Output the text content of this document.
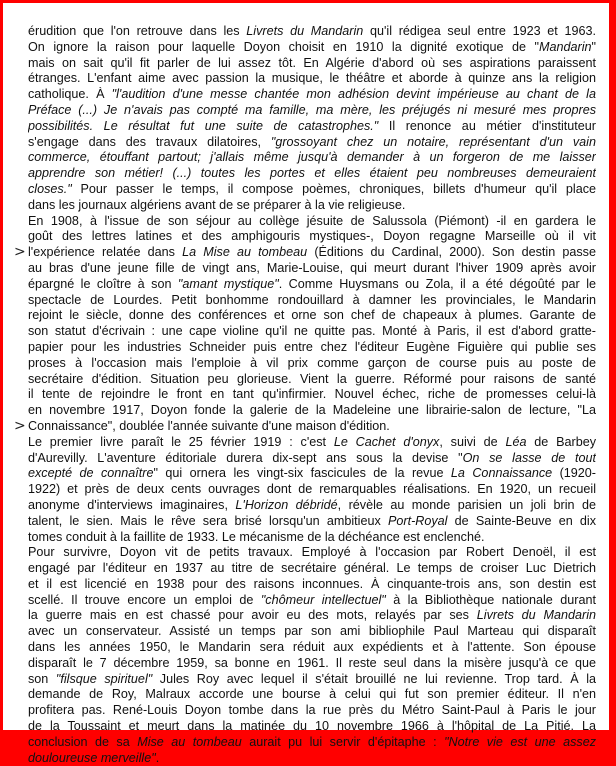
érudition que l'on retrouve dans les Livrets du Mandarin qu'il rédigea seul entre 1923 et 1963.
On ignore la raison pour laquelle Doyon choisit en 1910 la dignité exotique de "Mandarin"
mais on sait qu'il fit parler de lui assez tôt. En Algérie d'abord où ses aspirations paraissent
étranges. L'enfant aime avec passion la musique, le théâtre et aborde à quinze ans la religion
catholique. À "l'audition d'une messe chantée mon adhésion devint impérieuse au chant de la
Préface (...) Je n'avais pas compté ma famille, ma mère, les préjugés ni mesuré mes propres
possibilités. Le résultat fut une suite de catastrophes." Il renonce au métier d'instituteur
s'engage dans des travaux dilatoires, "grossoyant chez un notaire, représentant d'un vain
commerce, étouffant partout; j'allais même jusqu'à demander à un forgeron de me laisser
apprendre son métier! (...) toutes les portes et elles étaient peu nombreuses demeuraient
closes." Pour passer le temps, il compose poèmes, chroniques, billets d'humeur qu'il place
dans les journaux algériens avant de se préparer à la vie religieuse.
En 1908, à l'issue de son séjour au collège jésuite de Salussola (Piémont) -il en gardera le
goût des lettres latines et des amphigouris mystiques-, Doyon regagne Marseille où il vit
l'expérience relatée dans La Mise au tombeau (Éditions du Cardinal, 2000). Son destin passe
au bras d'une jeune fille de vingt ans, Marie-Louise, qui meurt durant l'hiver 1909 après avoir
épargné le cloître à son "amant mystique". Comme Huysmans ou Zola, il a été dégoûté par le
spectacle de Lourdes. Petit bonhomme rondouillard à damner les provinciales, le Mandarin
rejoint le siècle, donne des conférences et orne son chef de chapeaux à plumes. Garante de
son statut d'écrivain : une cape violine qu'il ne quitte pas. Monté à Paris, il est d'abord gratte-
papier pour les industries Schneider puis entre chez l'éditeur Eugène Figuière qui publie ses
proses à l'occasion mais l'emploie à vil prix comme garçon de course puis au poste de
secrétaire d'édition. Situation peu glorieuse. Vient la guerre. Réformé pour raisons de santé
il tente de rejoindre le front en tant qu'infirmier. Nouvel échec, riche de promesses celui-là
en novembre 1917, Doyon fonde la galerie de la Madeleine une librairie-salon de lecture, "La
Connaissance", doublée l'année suivante d'une maison d'édition.
Le premier livre paraît le 25 février 1919 : c'est Le Cachet d'onyx, suivi de Léa de Barbey
d'Aurevilly. L'aventure éditoriale durera dix-sept ans sous la devise "On se lasse de tout
excepté de connaître" qui ornera les vingt-six fascicules de la revue La Connaissance (1920-
1922) et près de deux cents ouvrages dont de remarquables réalisations. En 1920, un recueil
anonyme d'interviews imaginaires, L'Horizon débridé, révèle au monde parisien un joli brin de
talent, le sien. Mais le rêve sera brisé lorsqu'un ambitieux Port-Royal de Sainte-Beuve en dix
tomes conduit à la faillite de 1933. Le mécanisme de la déchéance est enclenché.
Pour survivre, Doyon vit de petits travaux. Employé à l'occasion par Robert Denoël, il est
engagé par l'éditeur en 1937 au titre de secrétaire général. Le temps de croiser Luc Dietrich
et il est licencié en 1938 pour des raisons inconnues. À cinquante-trois ans, son destin est
scellé. Il trouve encore un emploi de "chômeur intellectuel" à la Bibliothèque nationale durant
la guerre mais en est chassé pour avoir eu des mots, relayés par ses Livrets du Mandarin
avec un conservateur. Assisté un temps par son ami bibliophile Paul Marteau qui disparaît
dans les années 1950, le Mandarin sera réduit aux expédients et à l'attente. Son épouse
disparaît le 7 décembre 1959, sa bonne en 1961. Il reste seul dans la misère jusqu'à ce que
son "filsque spirituel" Jules Roy avec lequel il s'était brouillé ne lui revienne. Trop tard. À la
demande de Roy, Malraux accorde une bourse à celui qui fut son premier éditeur. Il n'en
profitera pas. René-Louis Doyon tombe dans la rue près du Métro Saint-Paul à Paris le jour
de la Toussaint et meurt dans la matinée du 10 novembre 1966 à l'hôpital de La Pitié. La
conclusion de sa Mise au tombeau aurait pu lui servir d'épitaphe : "Notre vie est une assez
douloureuse merveille".
>
>
